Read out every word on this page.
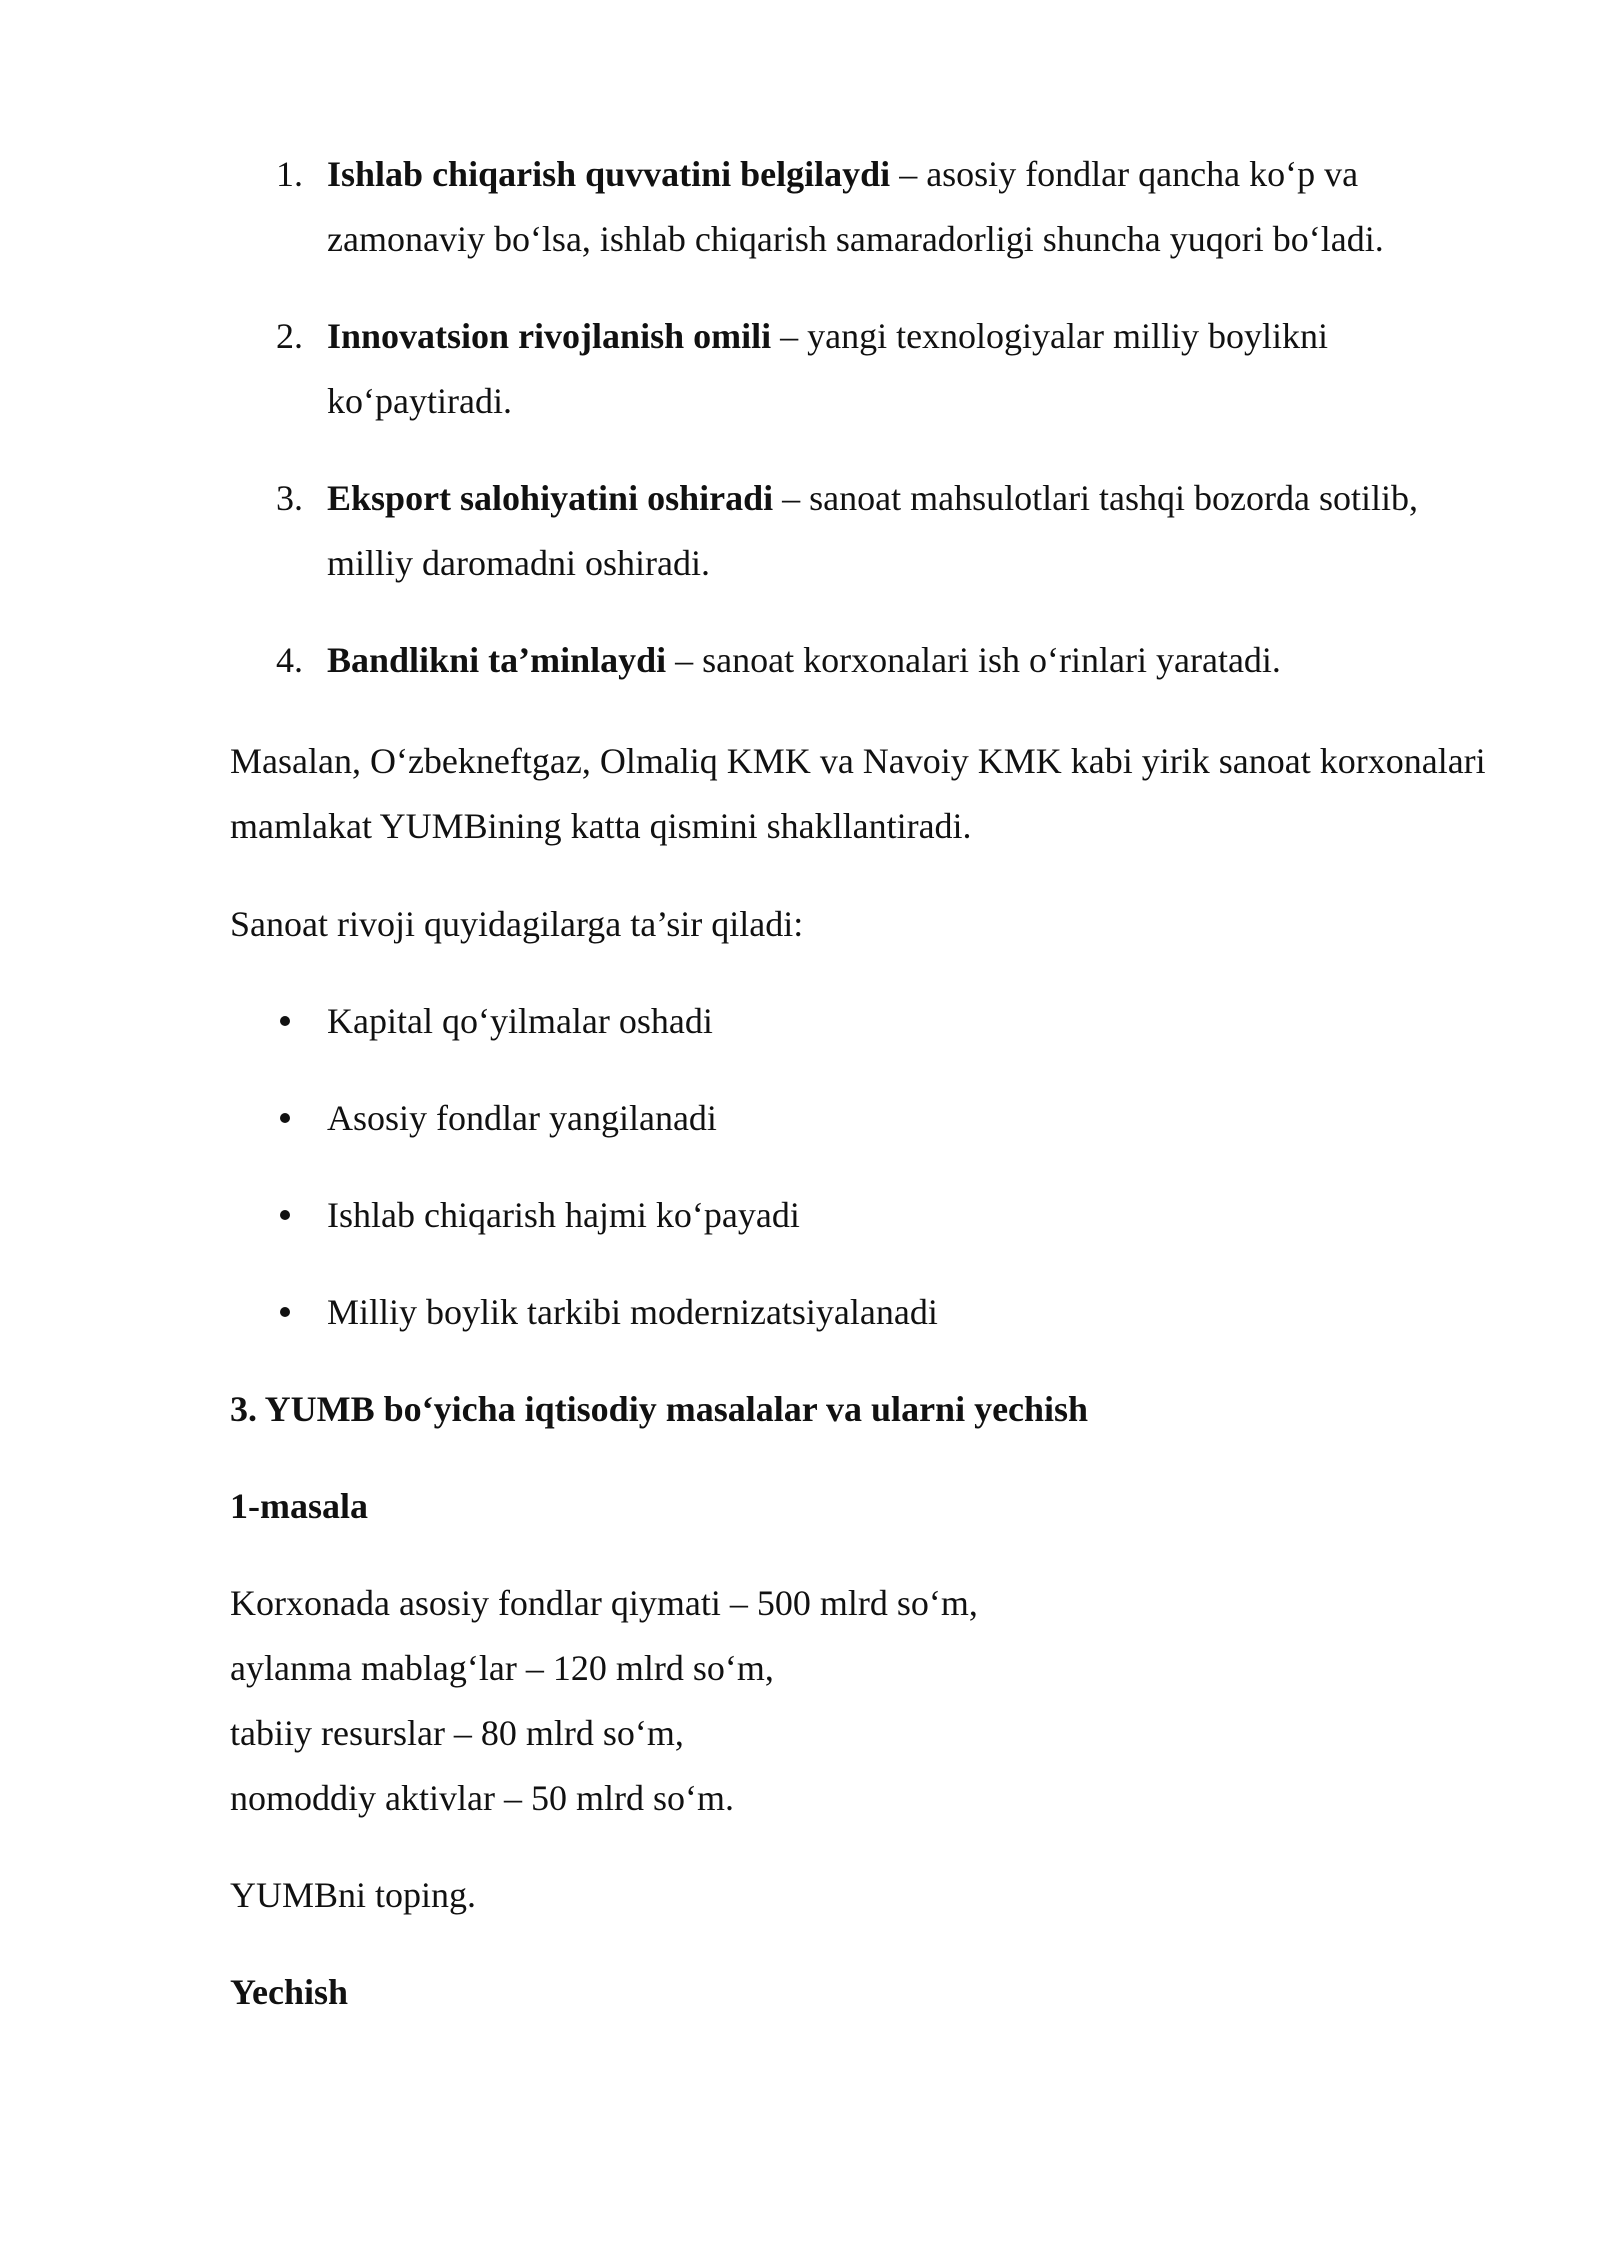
1. Ishlab chiqarish quvvatini belgilaydi – asosiy fondlar qancha ko‘p va zamonaviy bo‘lsa, ishlab chiqarish samaradorligi shuncha yuqori bo‘ladi.
2. Innovatsion rivojlanish omili – yangi texnologiyalar milliy boylikni ko‘paytiradi.
3. Eksport salohiyatini oshiradi – sanoat mahsulotlari tashqi bozorda sotilib, milliy daromadni oshiradi.
4. Bandlikni ta’minlaydi – sanoat korxonalari ish o‘rinlari yaratadi.
Masalan, O‘zbekneftgaz, Olmaliq KMK va Navoiy KMK kabi yirik sanoat korxonalari mamlakat YUMBining katta qismini shakllantiradi.
Sanoat rivoji quyidagilarga ta’sir qiladi:
Kapital qo‘yilmalar oshadi
Asosiy fondlar yangilanadi
Ishlab chiqarish hajmi ko‘payadi
Milliy boylik tarkibi modernizatsiyalanadi
3. YUMB bo‘yicha iqtisodiy masalalar va ularni yechish
1-masala
Korxonada asosiy fondlar qiymati – 500 mlrd so‘m,
aylanma mablag‘lar – 120 mlrd so‘m,
tabiiy resurslar – 80 mlrd so‘m,
nomoddiy aktivlar – 50 mlrd so‘m.
YUMBni toping.
Yechish
